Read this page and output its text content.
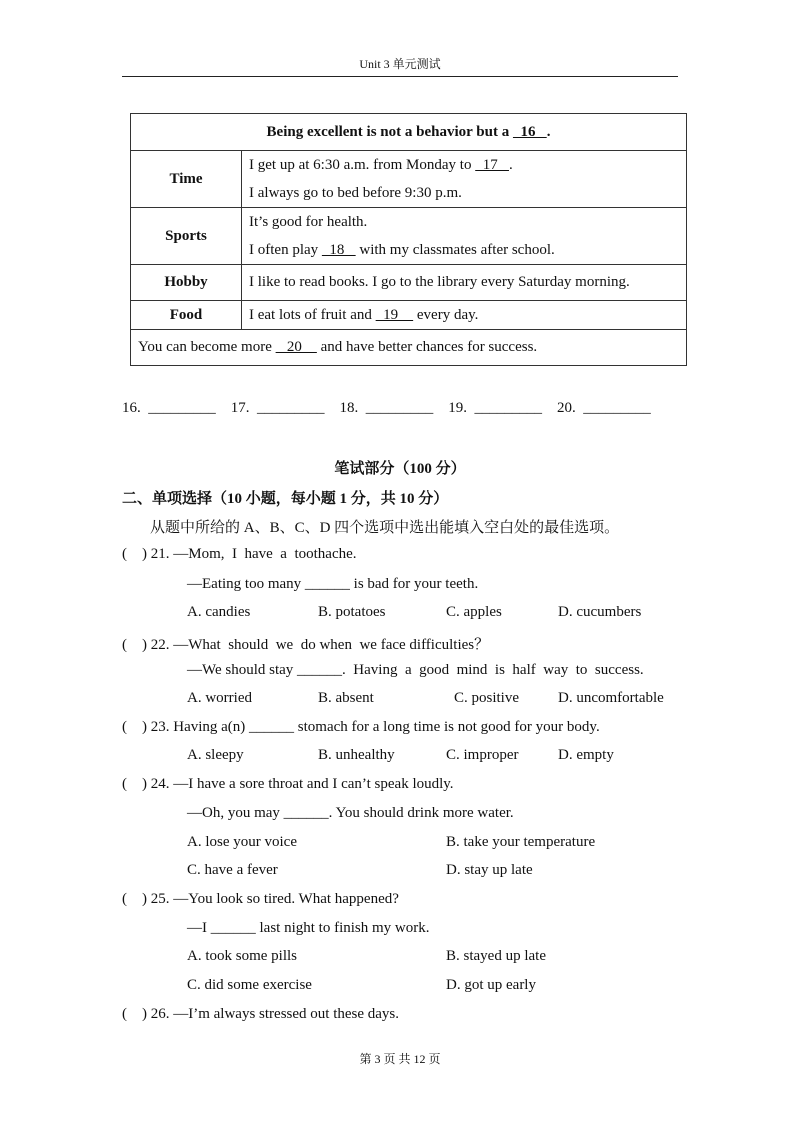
Unit 3 单元测试
Being excellent is not a behavior but a   16   .	
Time	I get up at 6:30 a.m. from Monday to   17   .
I always go to bed before 9:30 p.m.

Sports	It’s good for health.
I often play   18    with my classmates after school.

Hobby	I like to read books. I go to the library every Saturday morning.
Food	I eat lots of fruit and   19     every day.
You can become more    20     and have better chances for success.	
16.  _________    17.  _________    18.  _________    19.  _________    20.  _________
笔试部分（100 分）
二、单项选择（10 小题，每小题 1 分，共 10 分）
从题中所给的 A、B、C、D 四个选项中选出能填入空白处的最佳选项。
(    ) 21. —Mom,  I  have  a  toothache.
—Eating too many ______ is bad for your teeth.
A. candies	B. potatoes	C. apples	D. cucumbers
(    ) 22. —What  should  we  do when  we face difficulties？
—We should stay ______.  Having  a  good  mind  is  half  way  to  success.
A. worried	B. absent	C. positive	D. uncomfortable
(    ) 23. Having a(n) ______ stomach for a long time is not good for your body.
A. sleepy	B. unhealthy	C. improper	D. empty
(    ) 24. —I have a sore throat and I can’t speak loudly.
—Oh, you may ______. You should drink more water.
A. lose your voice	B. take your temperature
C. have a fever	D. stay up late
(    ) 25. —You look so tired. What happened?
—I ______ last night to finish my work.
A. took some pills	B. stayed up late
C. did some exercise	D. got up early
(    ) 26. —I’m always stressed out these days.
第 3 页 共 12 页
